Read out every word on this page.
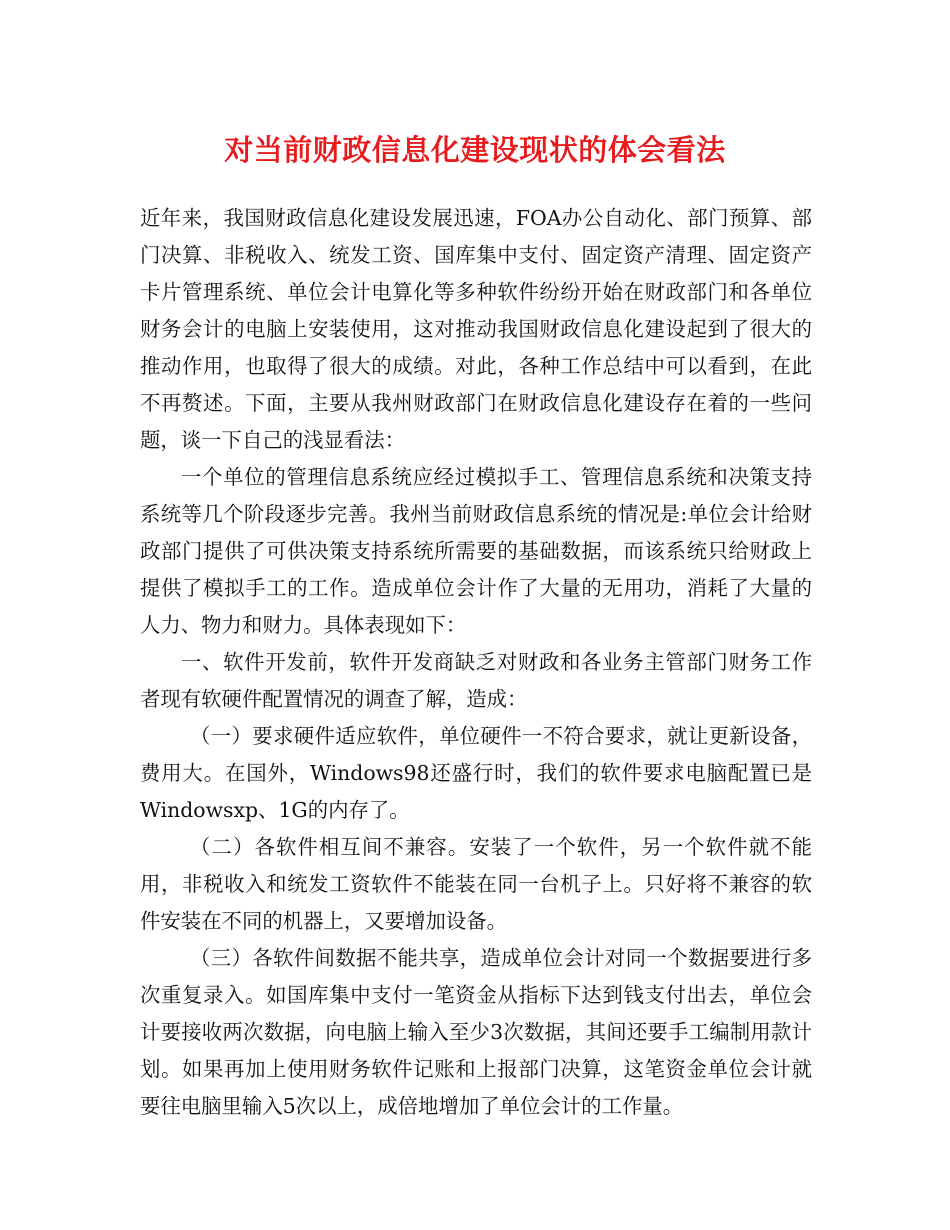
对当前财政信息化建设现状的体会看法

近年来，我国财政信息化建设发展迅速，FOA办公自动化、部门预算、部门决算、非税收入、统发工资、国库集中支付、固定资产清理、固定资产卡片管理系统、单位会计电算化等多种软件纷纷开始在财政部门和各单位财务会计的电脑上安装使用，这对推动我国财政信息化建设起到了很大的推动作用，也取得了很大的成绩。对此，各种工作总结中可以看到，在此不再赘述。下面，主要从我州财政部门在财政信息化建设存在着的一些问题，谈一下自己的浅显看法：

一个单位的管理信息系统应经过模拟手工、管理信息系统和决策支持系统等几个阶段逐步完善。我州当前财政信息系统的情况是:单位会计给财政部门提供了可供决策支持系统所需要的基础数据，而该系统只给财政上提供了模拟手工的工作。造成单位会计作了大量的无用功，消耗了大量的人力、物力和财力。具体表现如下：

一、软件开发前，软件开发商缺乏对财政和各业务主管部门财务工作者现有软硬件配置情况的调查了解，造成：

（一）要求硬件适应软件，单位硬件一不符合要求，就让更新设备，费用大。在国外，Windows98还盛行时，我们的软件要求电脑配置已是Windowsxp、1G的内存了。

（二）各软件相互间不兼容。安装了一个软件，另一个软件就不能用，非税收入和统发工资软件不能装在同一台机子上。只好将不兼容的软件安装在不同的机器上，又要增加设备。

（三）各软件间数据不能共享，造成单位会计对同一个数据要进行多次重复录入。如国库集中支付一笔资金从指标下达到钱支付出去，单位会计要接收两次数据，向电脑上输入至少3次数据，其间还要手工编制用款计划。如果再加上使用财务软件记账和上报部门决算，这笔资金单位会计就要往电脑里输入5次以上，成倍地增加了单位会计的工作量。
